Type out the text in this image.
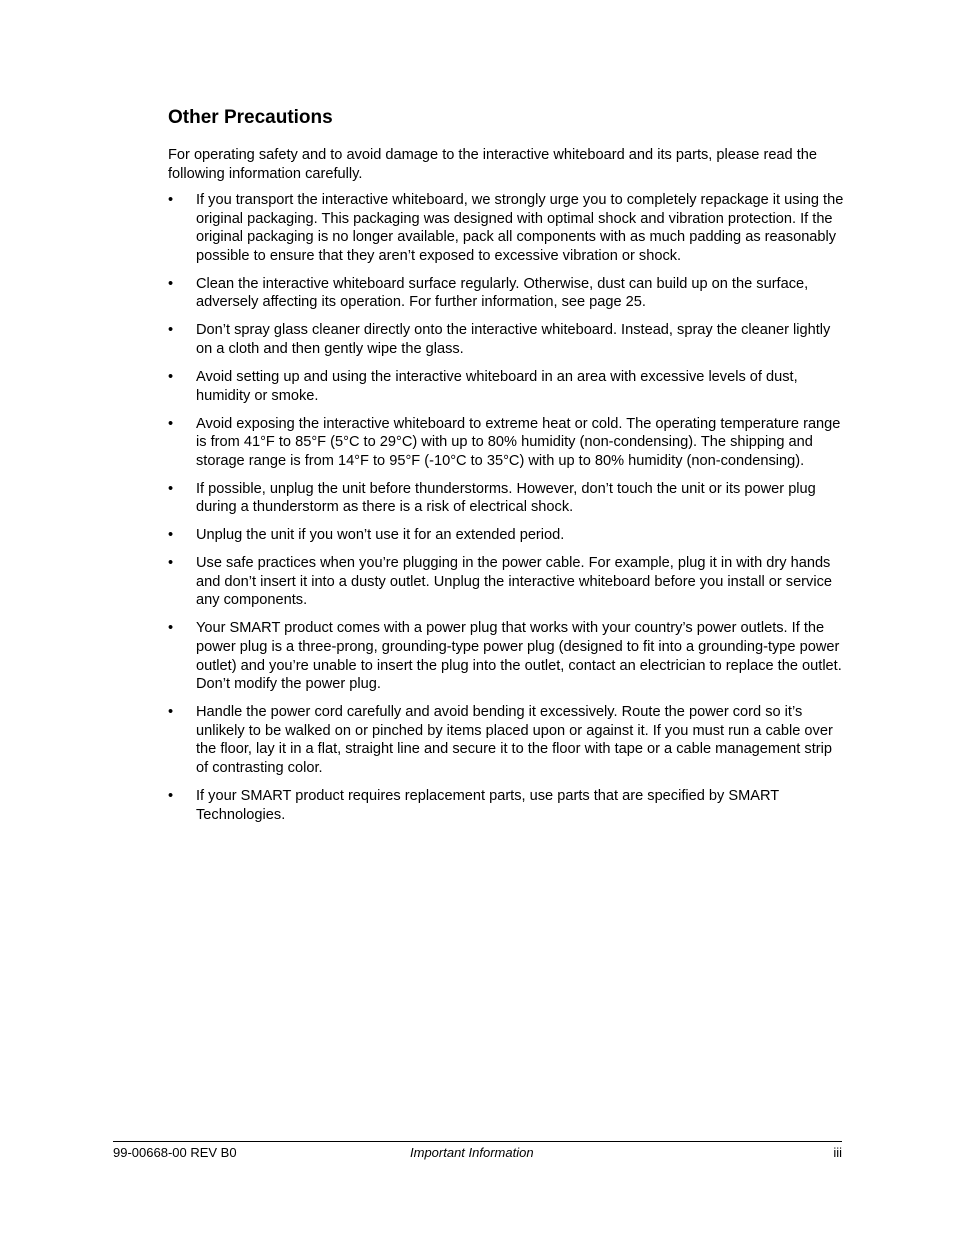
Other Precautions

For operating safety and to avoid damage to the interactive whiteboard and its parts, please read the following information carefully.

• If you transport the interactive whiteboard, we strongly urge you to completely repackage it using the original packaging. This packaging was designed with optimal shock and vibration protection. If the original packaging is no longer available, pack all components with as much padding as reasonably possible to ensure that they aren’t exposed to excessive vibration or shock.
• Clean the interactive whiteboard surface regularly. Otherwise, dust can build up on the surface, adversely affecting its operation. For further information, see page 25.
• Don’t spray glass cleaner directly onto the interactive whiteboard. Instead, spray the cleaner lightly on a cloth and then gently wipe the glass.
• Avoid setting up and using the interactive whiteboard in an area with excessive levels of dust, humidity or smoke.
• Avoid exposing the interactive whiteboard to extreme heat or cold. The operating temperature range is from 41°F to 85°F (5°C to 29°C) with up to 80% humidity (non-condensing). The shipping and storage range is from 14°F to 95°F (-10°C to 35°C) with up to 80% humidity (non-condensing).
• If possible, unplug the unit before thunderstorms. However, don’t touch the unit or its power plug during a thunderstorm as there is a risk of electrical shock.
• Unplug the unit if you won’t use it for an extended period.
• Use safe practices when you’re plugging in the power cable. For example, plug it in with dry hands and don’t insert it into a dusty outlet. Unplug the interactive whiteboard before you install or service any components.
• Your SMART product comes with a power plug that works with your country’s power outlets. If the power plug is a three-prong, grounding-type power plug (designed to fit into a grounding-type power outlet) and you’re unable to insert the plug into the outlet, contact an electrician to replace the outlet. Don’t modify the power plug.
• Handle the power cord carefully and avoid bending it excessively. Route the power cord so it’s unlikely to be walked on or pinched by items placed upon or against it. If you must run a cable over the floor, lay it in a flat, straight line and secure it to the floor with tape or a cable management strip of contrasting color.
• If your SMART product requires replacement parts, use parts that are specified by SMART Technologies.
99-00668-00 REV B0	Important Information	iii
